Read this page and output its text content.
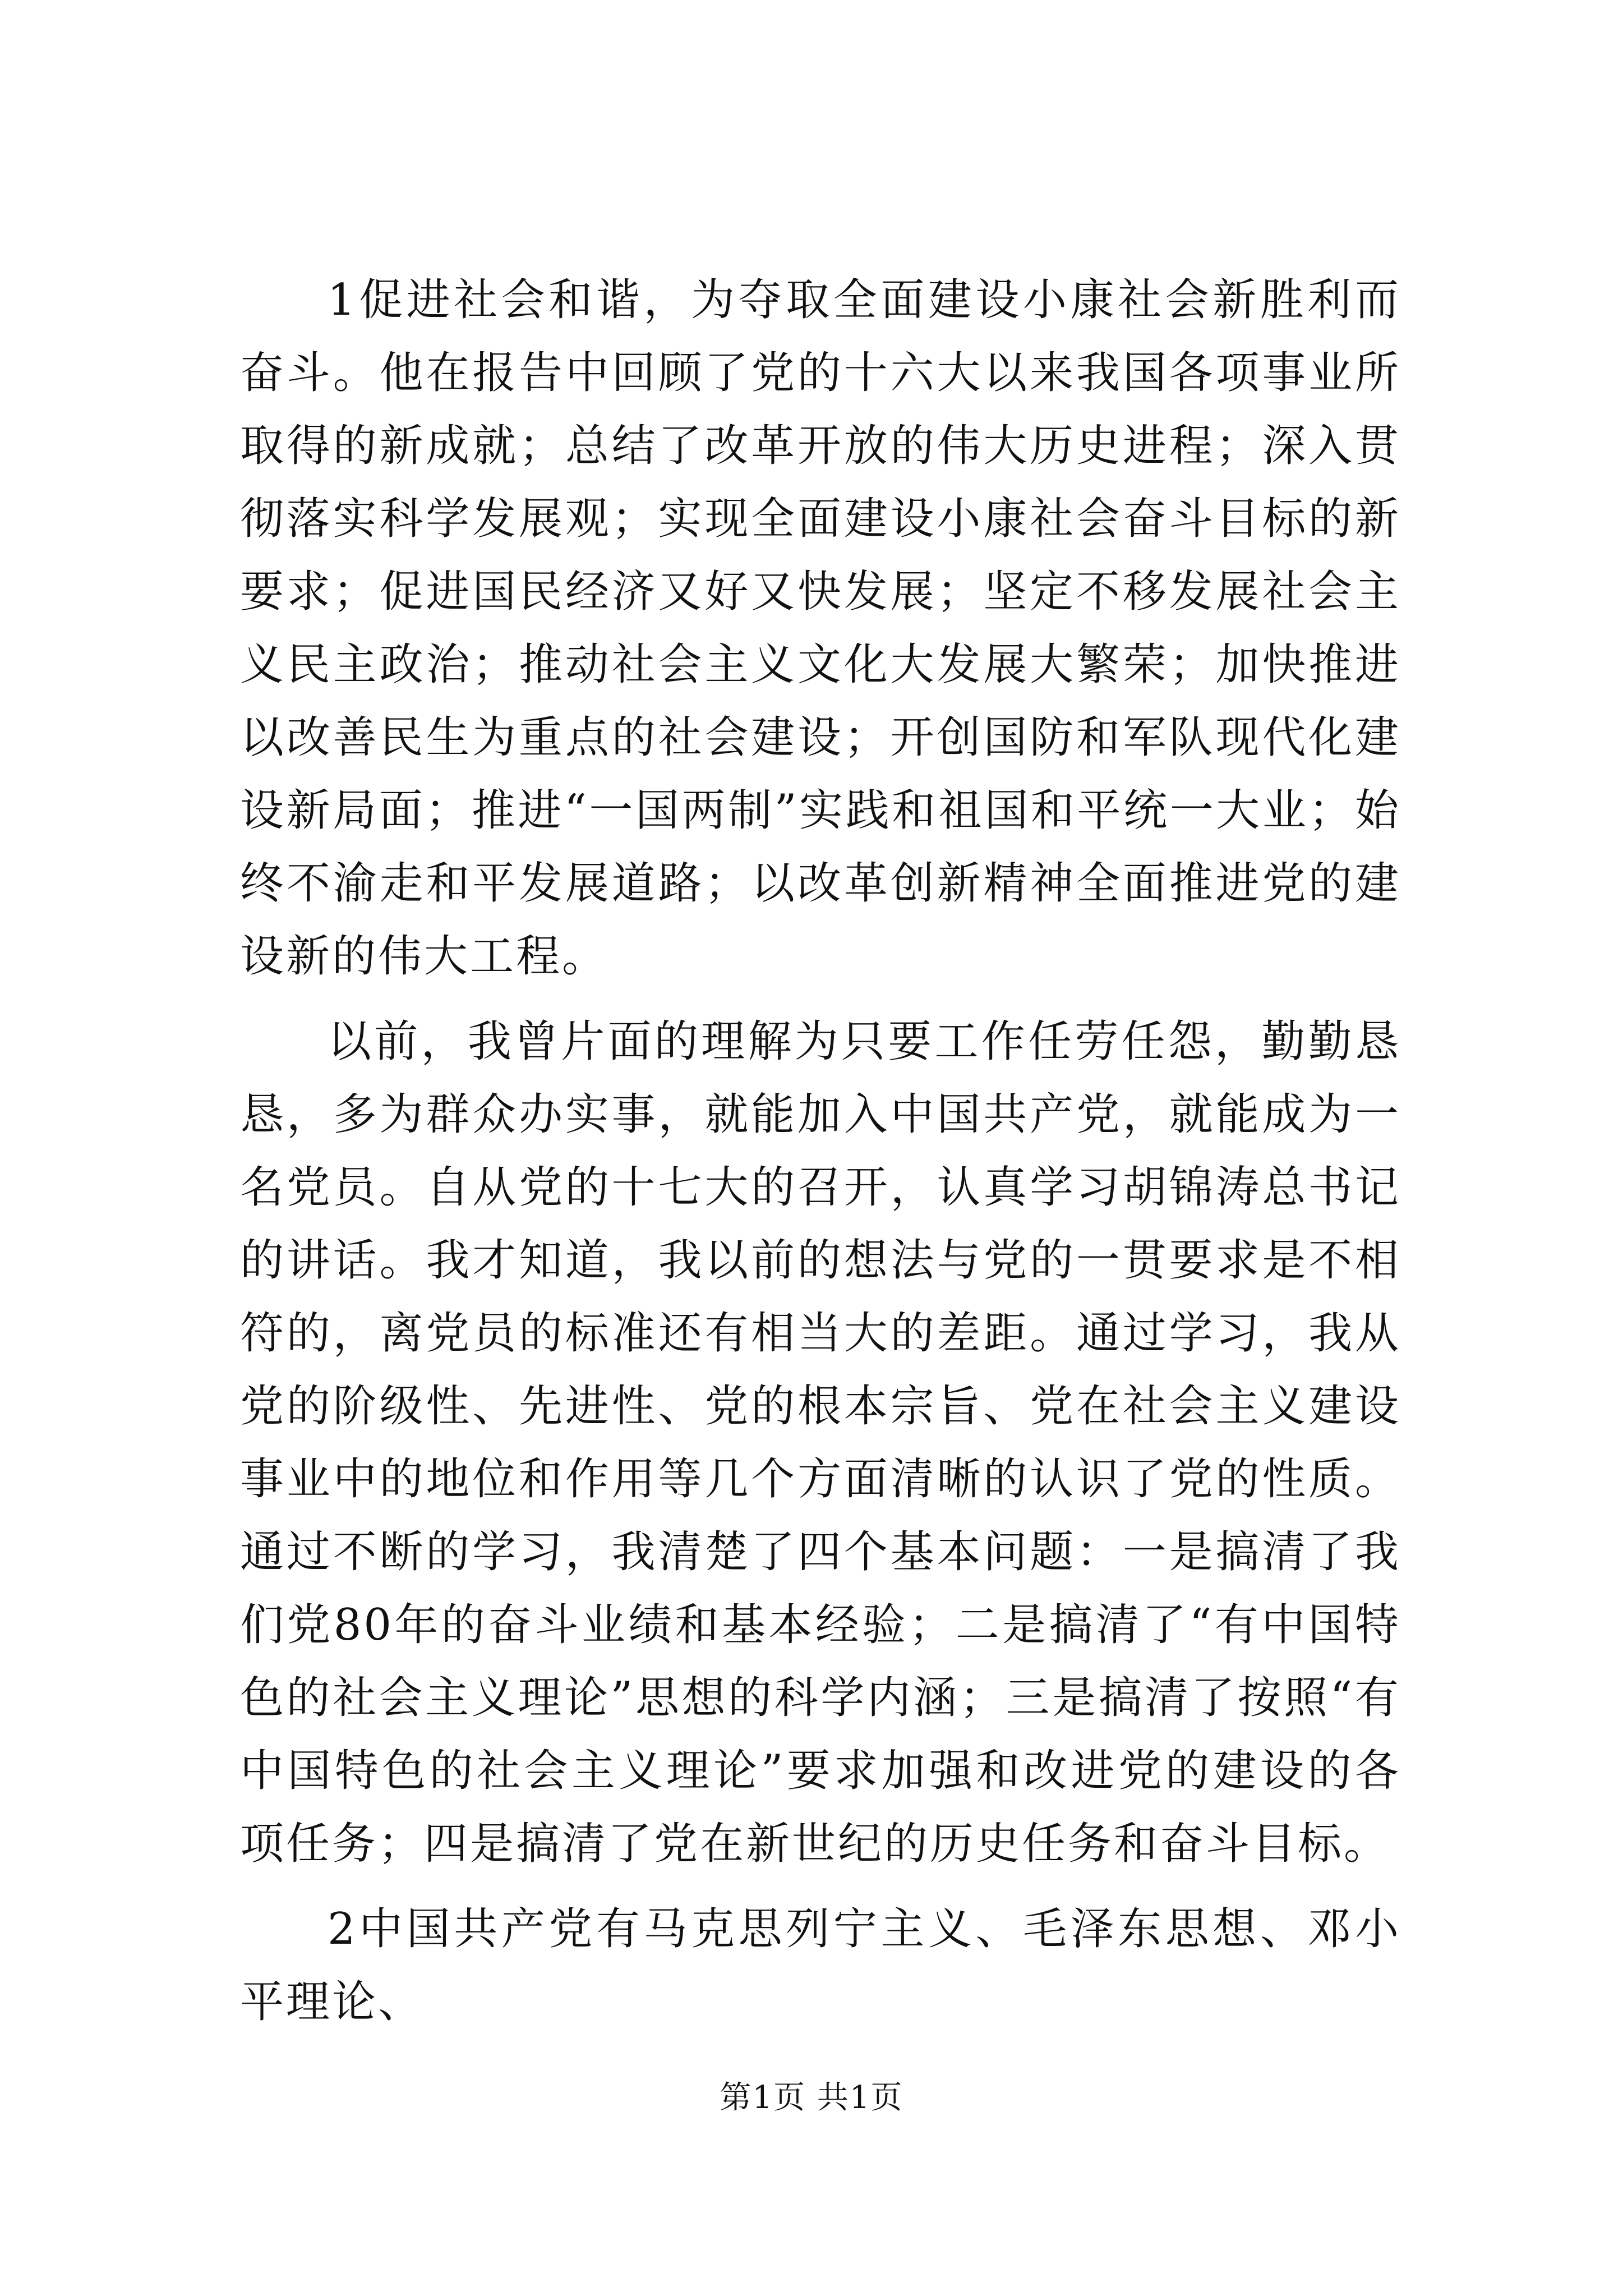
1促进社会和谐，为夺取全面建设小康社会新胜利而奋斗。他在报告中回顾了党的十六大以来我国各项事业所取得的新成就；总结了改革开放的伟大历史进程；深入贯彻落实科学发展观；实现全面建设小康社会奋斗目标的新要求；促进国民经济又好又快发展；坚定不移发展社会主义民主政治；推动社会主义文化大发展大繁荣；加快推进以改善民生为重点的社会建设；开创国防和军队现代化建设新局面；推进“一国两制”实践和祖国和平统一大业；始终不渝走和平发展道路；以改革创新精神全面推进党的建设新的伟大工程。

以前，我曾片面的理解为只要工作任劳任怨，勤勤恳恳，多为群众办实事，就能加入中国共产党，就能成为一名党员。自从党的十七大的召开，认真学习胡锦涛总书记的讲话。我才知道，我以前的想法与党的一贯要求是不相符的，离党员的标准还有相当大的差距。通过学习，我从党的阶级性、先进性、党的根本宗旨、党在社会主义建设事业中的地位和作用等几个方面清晰的认识了党的性质。通过不断的学习，我清楚了四个基本问题：一是搞清了我们党80年的奋斗业绩和基本经验；二是搞清了“有中国特色的社会主义理论”思想的科学内涵；三是搞清了按照“有中国特色的社会主义理论”要求加强和改进党的建设的各项任务；四是搞清了党在新世纪的历史任务和奋斗目标。

2中国共产党有马克思列宁主义、毛泽东思想、邓小平理论、

第1页 共1页
